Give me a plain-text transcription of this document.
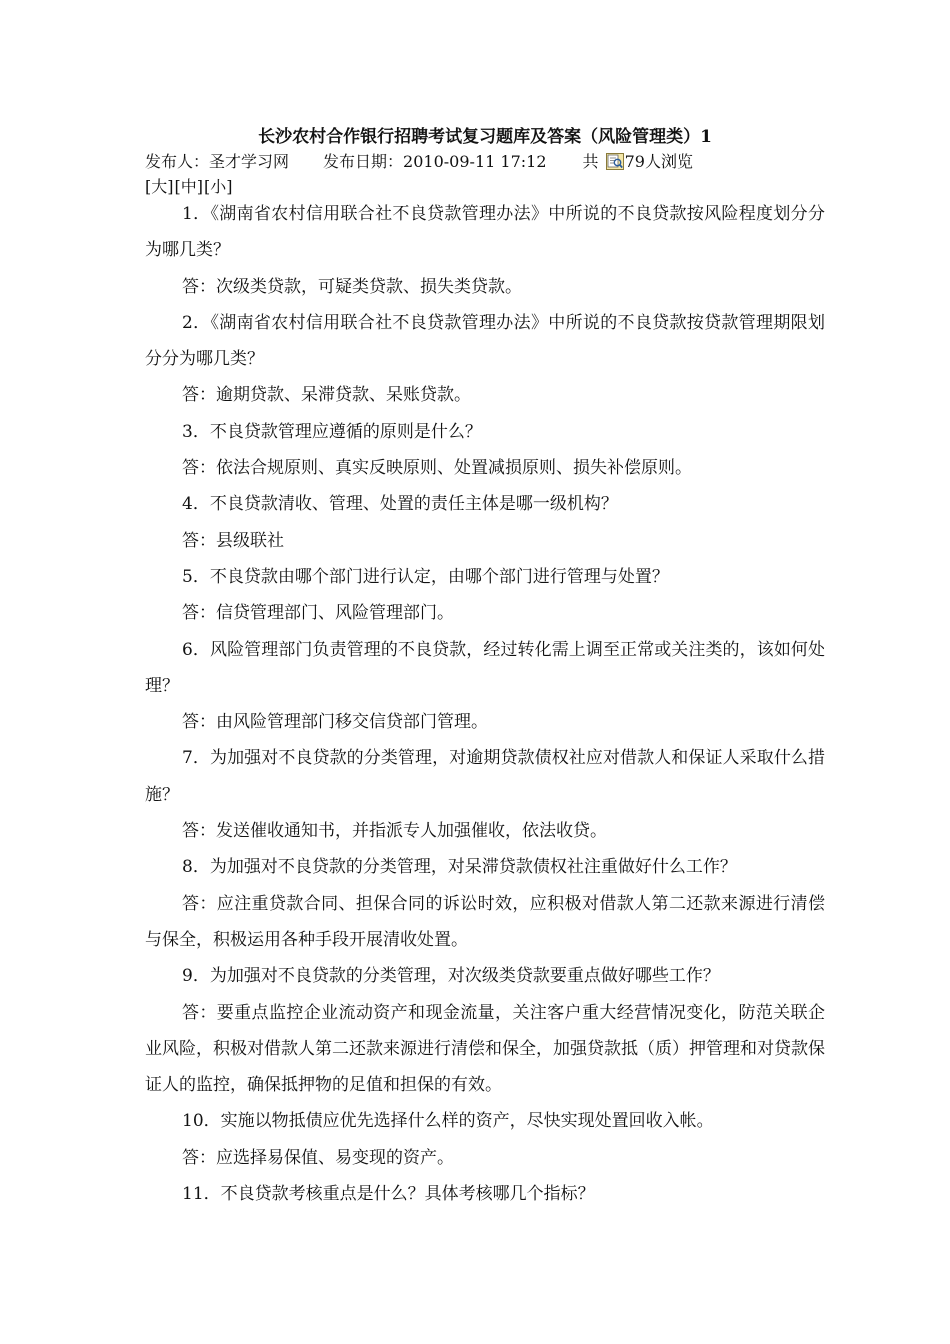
长沙农村合作银行招聘考试复习题库及答案（风险管理类）1
发布人：圣才学习网 发布日期：2010-09-11 17:12 共 79人浏览
[大][中][小]

1．《湖南省农村信用联合社不良贷款管理办法》中所说的不良贷款按风险程度划分分为哪几类？

答：次级类贷款，可疑类贷款、损失类贷款。

2．《湖南省农村信用联合社不良贷款管理办法》中所说的不良贷款按贷款管理期限划分分为哪几类？

答：逾期贷款、呆滞贷款、呆账贷款。

3．不良贷款管理应遵循的原则是什么？

答：依法合规原则、真实反映原则、处置减损原则、损失补偿原则。

4．不良贷款清收、管理、处置的责任主体是哪一级机构？

答：县级联社

5．不良贷款由哪个部门进行认定，由哪个部门进行管理与处置？

答：信贷管理部门、风险管理部门。

6．风险管理部门负责管理的不良贷款，经过转化需上调至正常或关注类的，该如何处理？

答：由风险管理部门移交信贷部门管理。

7．为加强对不良贷款的分类管理，对逾期贷款债权社应对借款人和保证人采取什么措施？

答：发送催收通知书，并指派专人加强催收，依法收贷。

8．为加强对不良贷款的分类管理，对呆滞贷款债权社注重做好什么工作？

答：应注重贷款合同、担保合同的诉讼时效，应积极对借款人第二还款来源进行清偿与保全，积极运用各种手段开展清收处置。

9．为加强对不良贷款的分类管理，对次级类贷款要重点做好哪些工作？

答：要重点监控企业流动资产和现金流量，关注客户重大经营情况变化，防范关联企业风险，积极对借款人第二还款来源进行清偿和保全，加强贷款抵（质）押管理和对贷款保证人的监控，确保抵押物的足值和担保的有效。

10．实施以物抵债应优先选择什么样的资产，尽快实现处置回收入帐。

答：应选择易保值、易变现的资产。

11．不良贷款考核重点是什么？具体考核哪几个指标？
